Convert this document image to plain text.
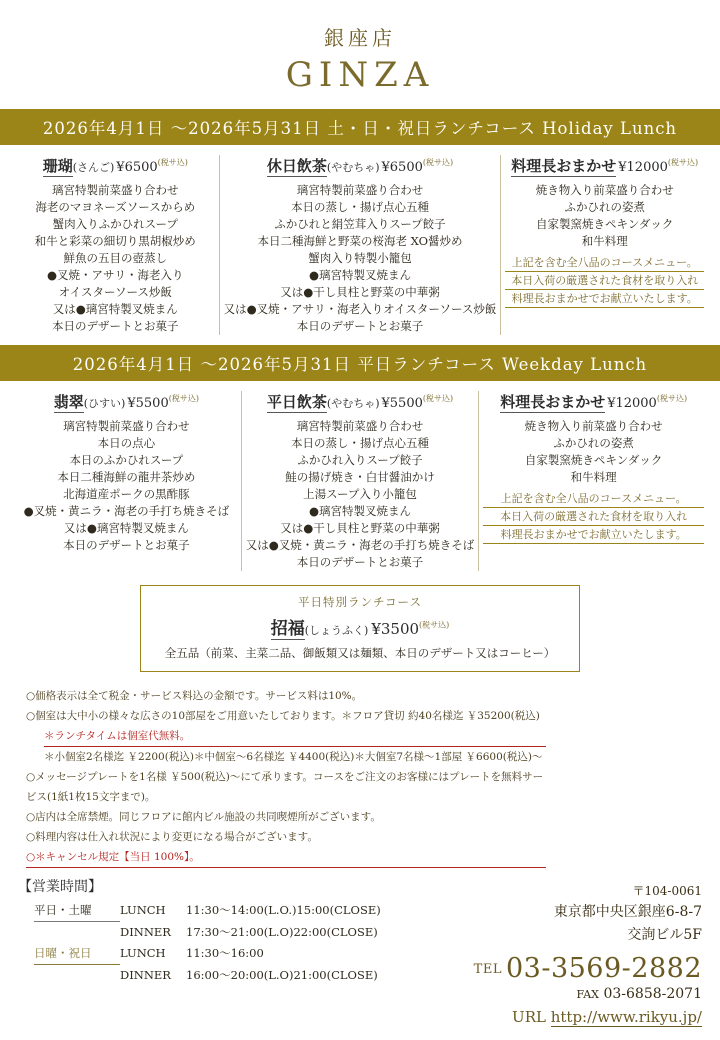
銀座店
GINZA
2026年4月1日 〜2026年5月31日 土・日・祝日ランチコース Holiday Lunch
珊瑚(さんご) $¥6500^{(税サ込)}$
璃宮特製前菜盛り合わせ
海老のマヨネーズソースからめ
蟹肉入りふかひれスープ
和牛と彩菜の細切り黒胡椒炒め
鮮魚の五目の壺蒸し
●叉焼・アサリ・海老入り
オイスターソース炒飯
又は●璃宮特製叉焼まん
本日のデザートとお菓子
休日飲茶(やむちゃ) $¥6500^{(税サ込)}$
璃宮特製前菜盛り合わせ
本日の蒸し・揚げ点心五種
ふかひれと絹笠茸入りスープ餃子
本日二種海鮮と野菜の桜海老 XO醤炒め
蟹肉入り特製小籠包
●璃宮特製叉焼まん
又は●干し貝柱と野菜の中華粥
又は●叉焼・アサリ・海老入りオイスターソース炒飯
本日のデザートとお菓子
料理長おまかせ $¥12000^{(税サ込)}$
焼き物入り前菜盛り合わせ
ふかひれの姿煮
自家製窯焼きペキンダック
和牛料理
上記を含む全八品のコースメニュー。
本日入荷の厳選された食材を取り入れ
料理長おまかせでお献立いたします。
2026年4月1日 〜2026年5月31日 平日ランチコース Weekday Lunch
翡翠(ひすい) $¥5500^{(税サ込)}$
璃宮特製前菜盛り合わせ
本日の点心
本日のふかひれスープ
本日二種海鮮の龍井茶炒め
北海道産ポークの黒酢豚
●叉焼・黄ニラ・海老の手打ち焼きそば
又は●璃宮特製叉焼まん
本日のデザートとお菓子
平日飲茶(やむちゃ) $¥5500^{(税サ込)}$
璃宮特製前菜盛り合わせ
本日の蒸し・揚げ点心五種
ふかひれ入りスープ餃子
鮭の揚げ焼き・白甘醤油かけ
上湯スープ入り小籠包
●璃宮特製叉焼まん
又は●干し貝柱と野菜の中華粥
又は●叉焼・黄ニラ・海老の手打ち焼きそば
本日のデザートとお菓子
料理長おまかせ $¥12000^{(税サ込)}$
焼き物入り前菜盛り合わせ
ふかひれの姿煮
自家製窯焼きペキンダック
和牛料理
上記を含む全八品のコースメニュー。
本日入荷の厳選された食材を取り入れ
料理長おまかせでお献立いたします。
平日特別ランチコース
招福(しょうふく) $¥3500^{(税サ込)}$
全五品（前菜、主菜二品、御飯類又は麺類、本日のデザート又はコーヒー）
○価格表示は全て税金・サービス料込の金額です。サービス料は10%。
○個室は大中小の様々な広さの10部屋をご用意いたしております。＊フロア貸切 約40名様迄 ￥35200(税込)
＊ランチタイムは個室代無料。
＊小個室2名様迄 ￥2200(税込)＊中個室〜6名様迄 ￥4400(税込)＊大個室7名様〜1部屋 ￥6600(税込)〜
○メッセージプレートを1名様 ￥500(税込)〜にて承ります。コースをご注文のお客様にはプレートを無料サービス(1紙1枚15文字まで)。
○店内は全席禁煙。同じフロアに館内ビル施設の共同喫煙所がございます。
○料理内容は仕入れ状況により変更になる場合がございます。
○＊キャンセル規定【当日 100%】。
【営業時間】
平日・土曜	LUNCH	11:30〜14:00(L.O.)15:00(CLOSE)
DINNER	17:30〜21:00(L.O)22:00(CLOSE)
日曜・祝日	LUNCH	11:30〜16:00
DINNER	16:00〜20:00(L.O)21:00(CLOSE)
〒104-0061
東京都中央区銀座6-8-7
交詢ビル5F
TEL 03-3569-2882
FAX 03-6858-2071
URL http://www.rikyu.jp/
